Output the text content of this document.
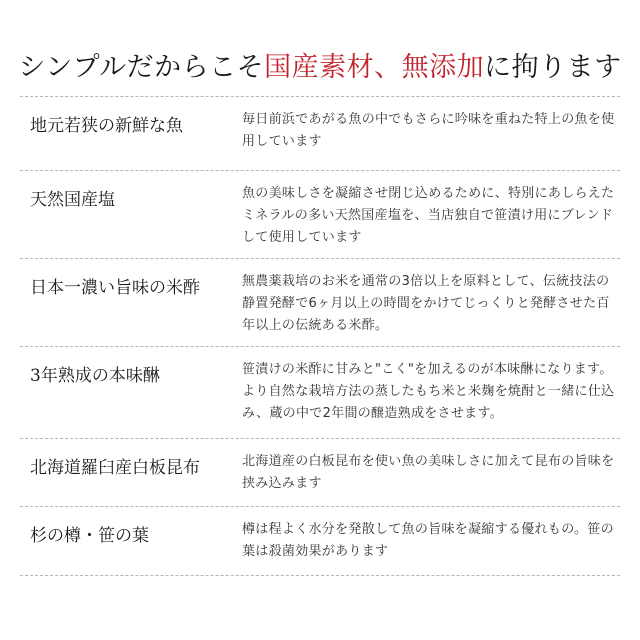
シンプルだからこそ国産素材、無添加に拘ります
地元若狭の新鮮な魚	毎日前浜であがる魚の中でもさらに吟味を重ねた特上の魚を使用しています
天然国産塩	魚の美味しさを凝縮させ閉じ込めるために、特別にあしらえたミネラルの多い天然国産塩を、当店独自で笹漬け用にブレンドして使用しています
日本一濃い旨味の米酢	無農薬栽培のお米を通常の3倍以上を原料として、伝統技法の静置発酵で6ヶ月以上の時間をかけてじっくりと発酵させた百年以上の伝統ある米酢。
3年熟成の本味醂	笹漬けの米酢に甘みと"こく"を加えるのが本味醂になります。より自然な栽培方法の蒸したもち米と米麹を焼酎と一緒に仕込み、蔵の中で2年間の醸造熟成をさせます。
北海道羅臼産白板昆布	北海道産の白板昆布を使い魚の美味しさに加えて昆布の旨味を挟み込みます
杉の樽・笹の葉	樽は程よく水分を発散して魚の旨味を凝縮する優れもの。笹の葉は殺菌効果があります
